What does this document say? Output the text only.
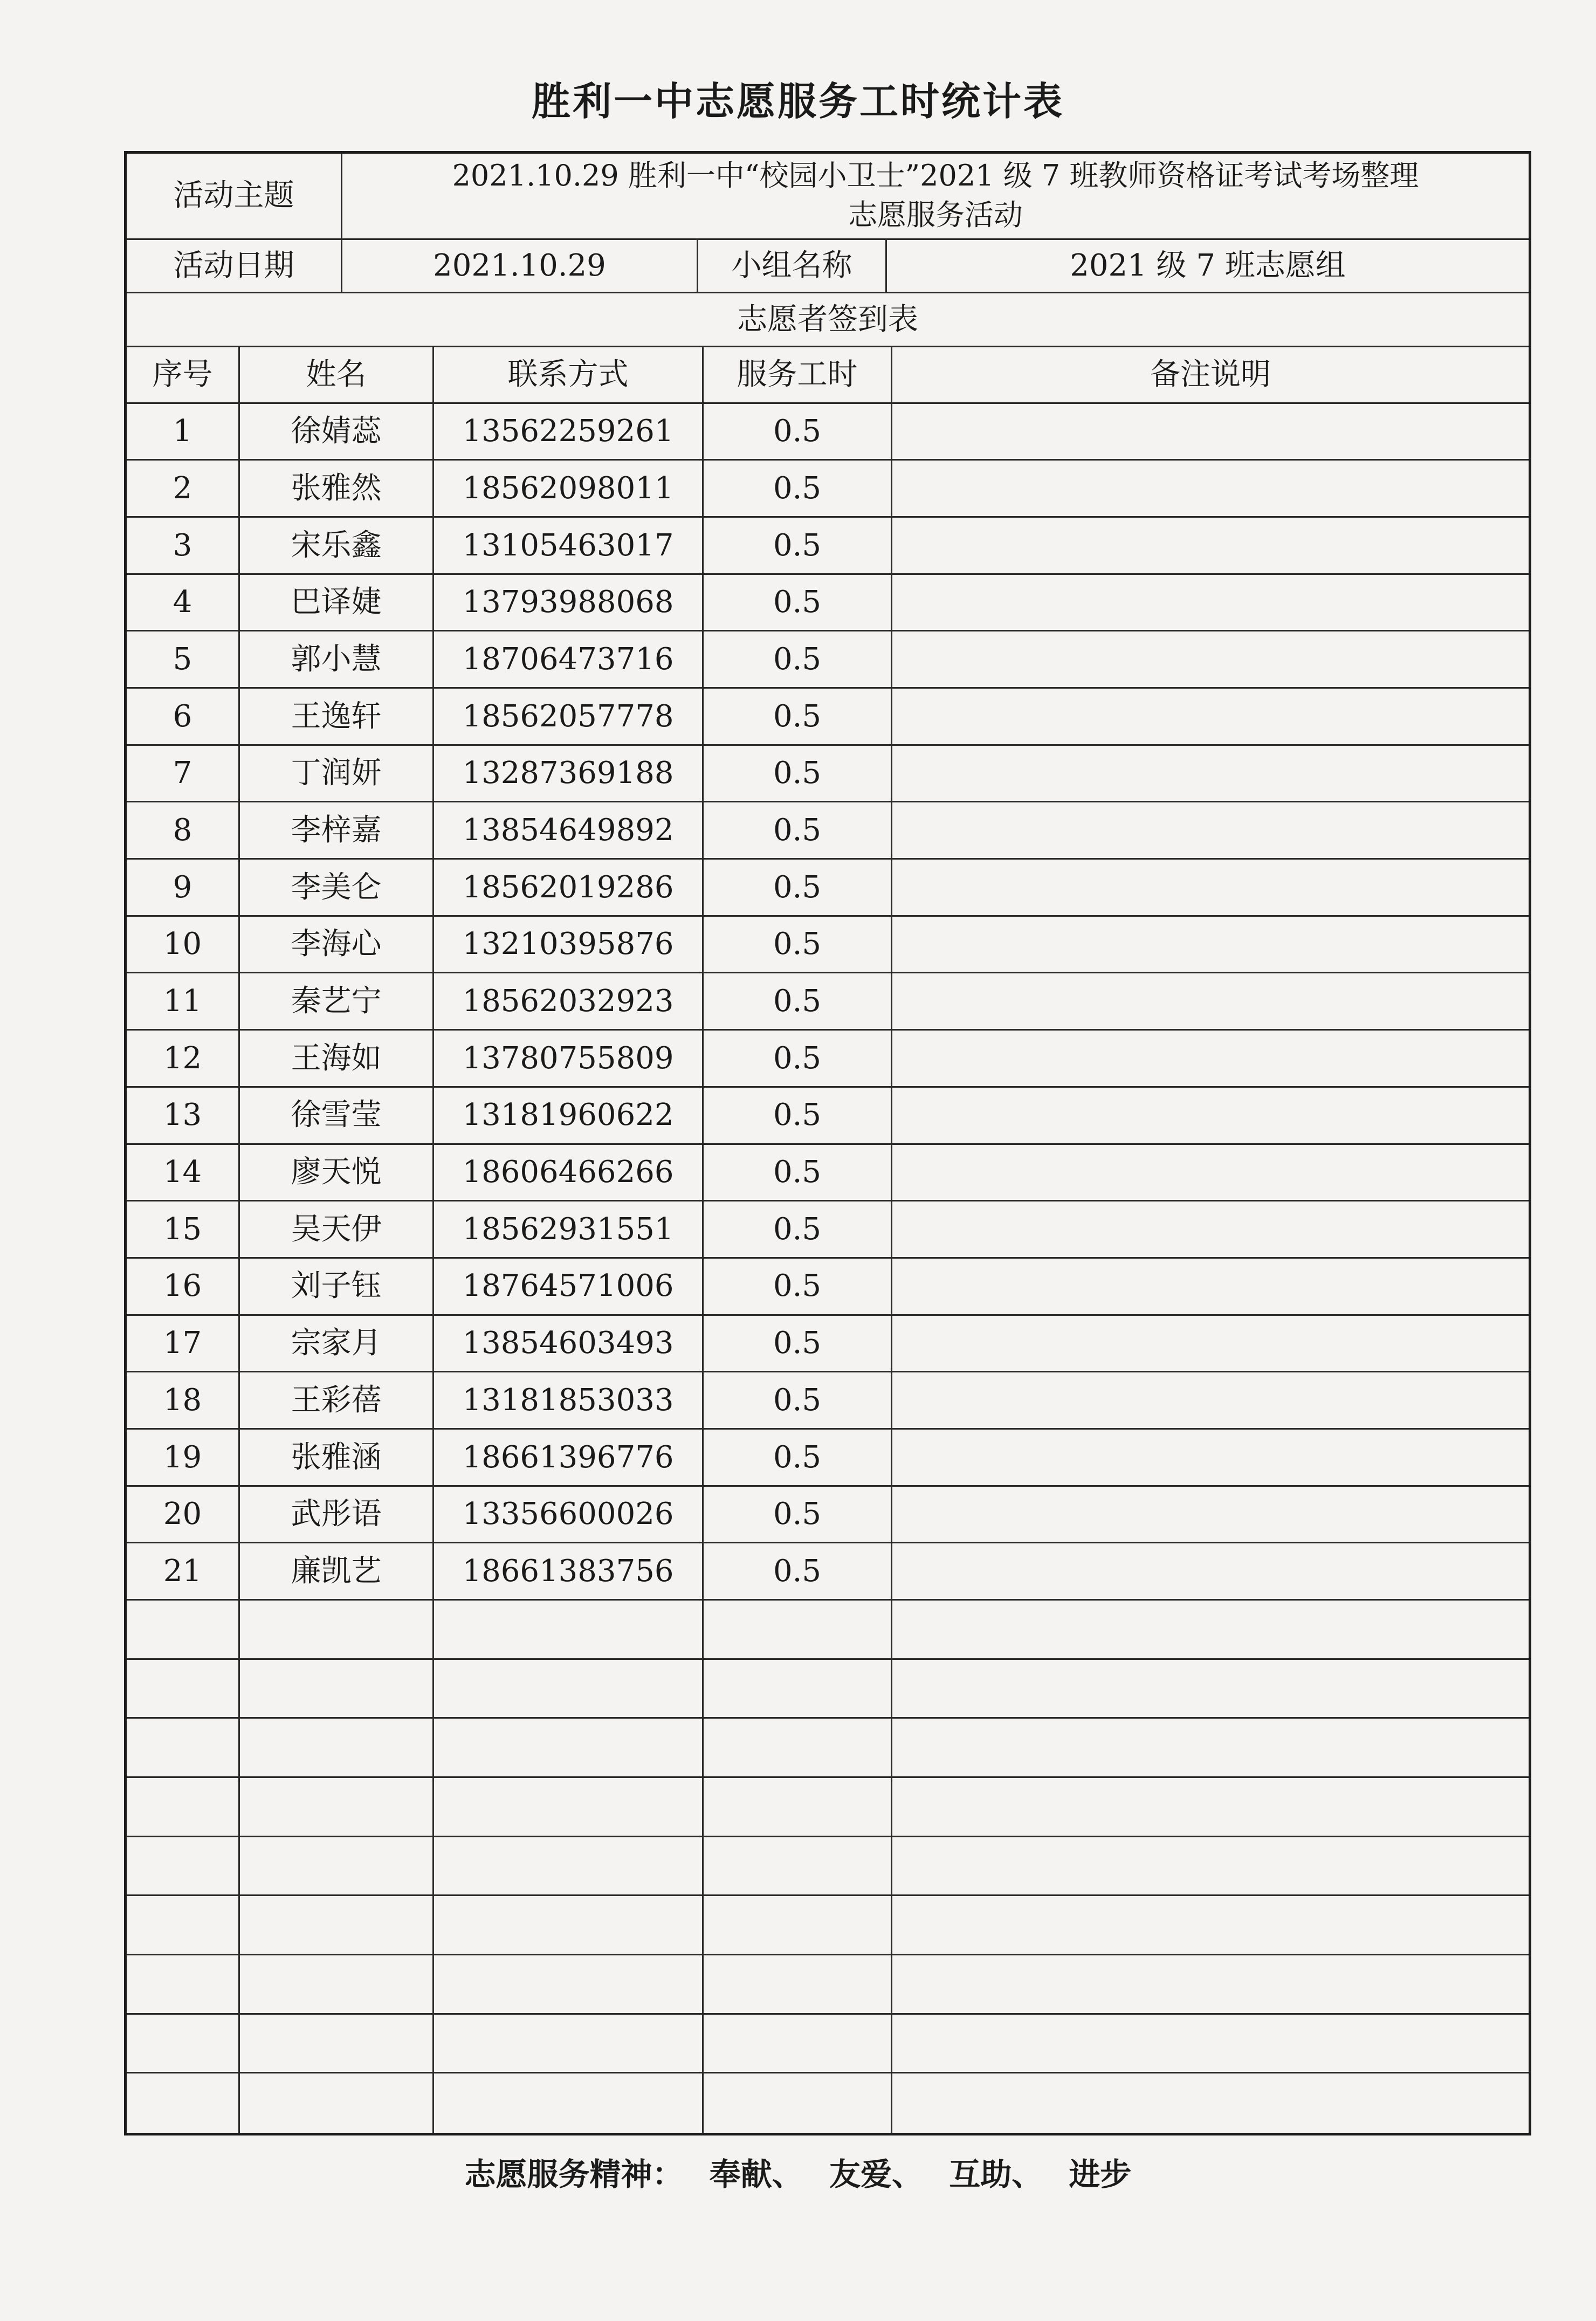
胜利一中志愿服务工时统计表
活动主题
2021.10.29 胜利一中“校园小卫士”2021 级 7 班教师资格证考试考场整理
志愿服务活动
活动日期	2021.10.29	小组名称	2021 级 7 班志愿组
志愿者签到表
序号	姓名	联系方式	服务工时	备注说明
1	徐婧蕊	13562259261	0.5
2	张雅然	18562098011	0.5
3	宋乐鑫	13105463017	0.5
4	巴译婕	13793988068	0.5
5	郭小慧	18706473716	0.5
6	王逸轩	18562057778	0.5
7	丁润妍	13287369188	0.5
8	李梓嘉	13854649892	0.5
9	李美仑	18562019286	0.5
10	李海心	13210395876	0.5
11	秦艺宁	18562032923	0.5
12	王海如	13780755809	0.5
13	徐雪莹	13181960622	0.5
14	廖天悦	18606466266	0.5
15	吴天伊	18562931551	0.5
16	刘子钰	18764571006	0.5
17	宗家月	13854603493	0.5
18	王彩蓓	13181853033	0.5
19	张雅涵	18661396776	0.5
20	武彤语	13356600026	0.5
21	廉凯艺	18661383756	0.5
志愿服务精神： 奉献、 友爱、 互助、 进步
